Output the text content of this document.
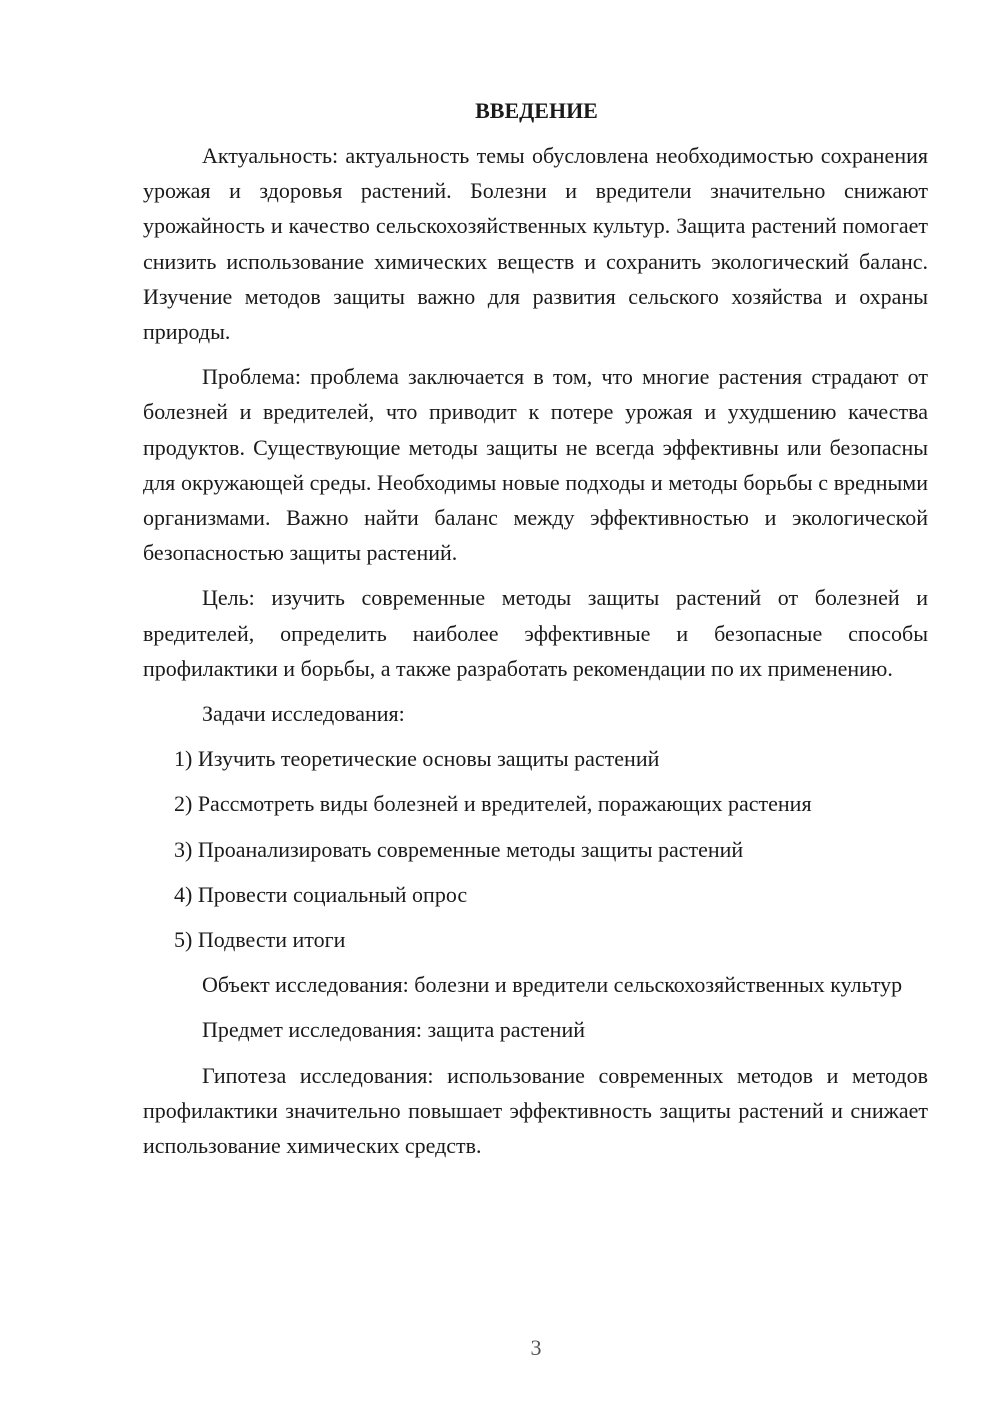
ВВЕДЕНИЕ

Актуальность: актуальность темы обусловлена необходимостью сохранения урожая и здоровья растений. Болезни и вредители значительно снижают урожайность и качество сельскохозяйственных культур. Защита растений помогает снизить использование химических веществ и сохранить экологический баланс. Изучение методов защиты важно для развития сельского хозяйства и охраны природы.

Проблема: проблема заключается в том, что многие растения страдают от болезней и вредителей, что приводит к потере урожая и ухудшению качества продуктов. Существующие методы защиты не всегда эффективны или безопасны для окружающей среды. Необходимы новые подходы и методы борьбы с вредными организмами. Важно найти баланс между эффективностью и экологической безопасностью защиты растений.

Цель: изучить современные методы защиты растений от болезней и вредителей, определить наиболее эффективные и безопасные способы профилактики и борьбы, а также разработать рекомендации по их применению.

Задачи исследования:

1) Изучить теоретические основы защиты растений
2) Рассмотреть виды болезней и вредителей, поражающих растения
3) Проанализировать современные методы защиты растений
4) Провести социальный опрос
5) Подвести итоги

Объект исследования: болезни и вредители сельскохозяйственных культур

Предмет исследования: защита растений

Гипотеза исследования: использование современных методов и методов профилактики значительно повышает эффективность защиты растений и снижает использование химических средств.

3
